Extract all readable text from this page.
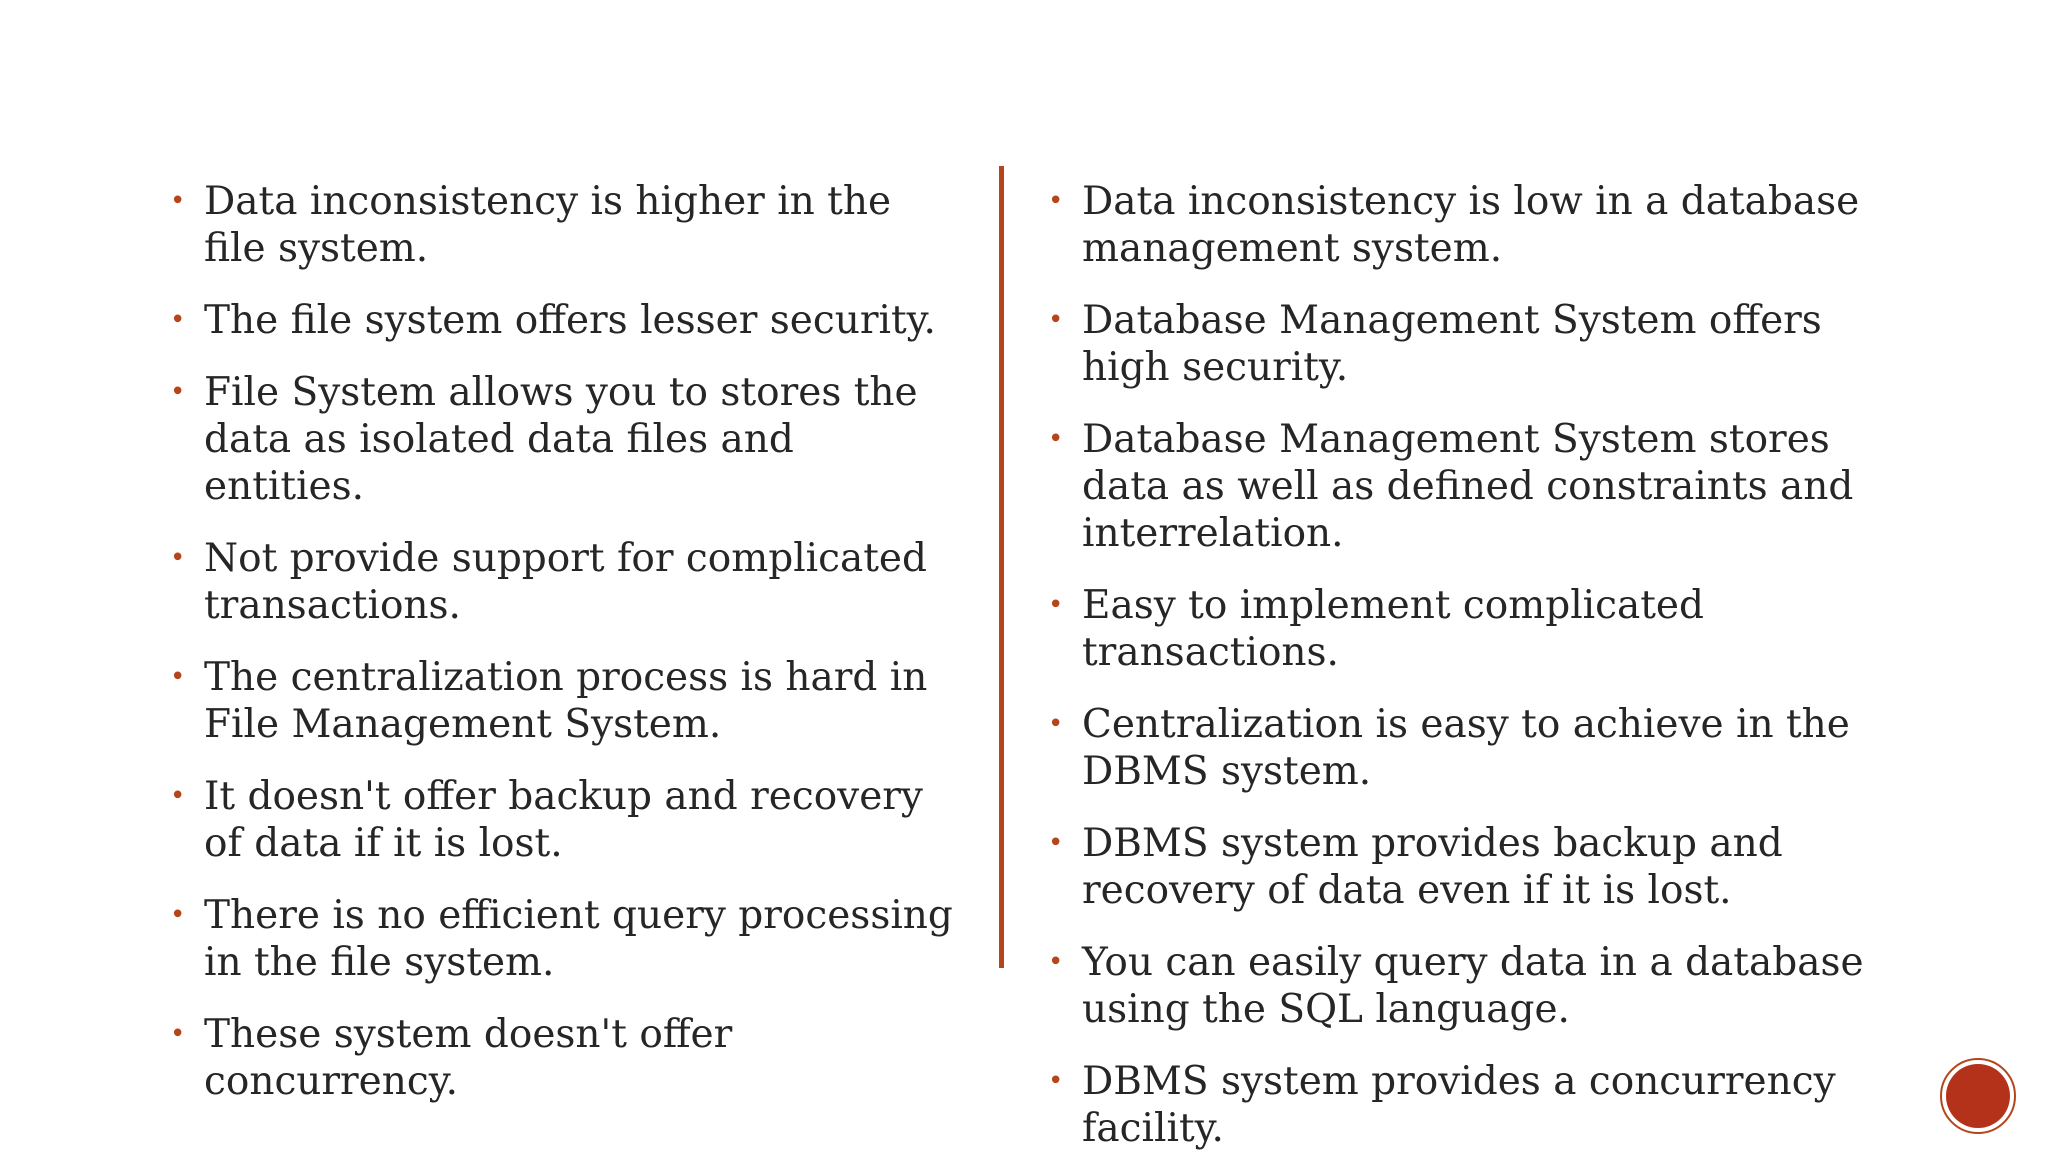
• Data inconsistency is higher in the file system.
• The file system offers lesser security.
• File System allows you to stores the data as isolated data files and entities.
• Not provide support for complicated transactions.
• The centralization process is hard in File Management System.
• It doesn't offer backup and recovery of data if it is lost.
• There is no efficient query processing in the file system.
• These system doesn't offer concurrency.
• Data inconsistency is low in a database management system.
• Database Management System offers high security.
• Database Management System stores data as well as defined constraints and interrelation.
• Easy to implement complicated transactions.
• Centralization is easy to achieve in the DBMS system.
• DBMS system provides backup and recovery of data even if it is lost.
• You can easily query data in a database using the SQL language.
• DBMS system provides a concurrency facility.
